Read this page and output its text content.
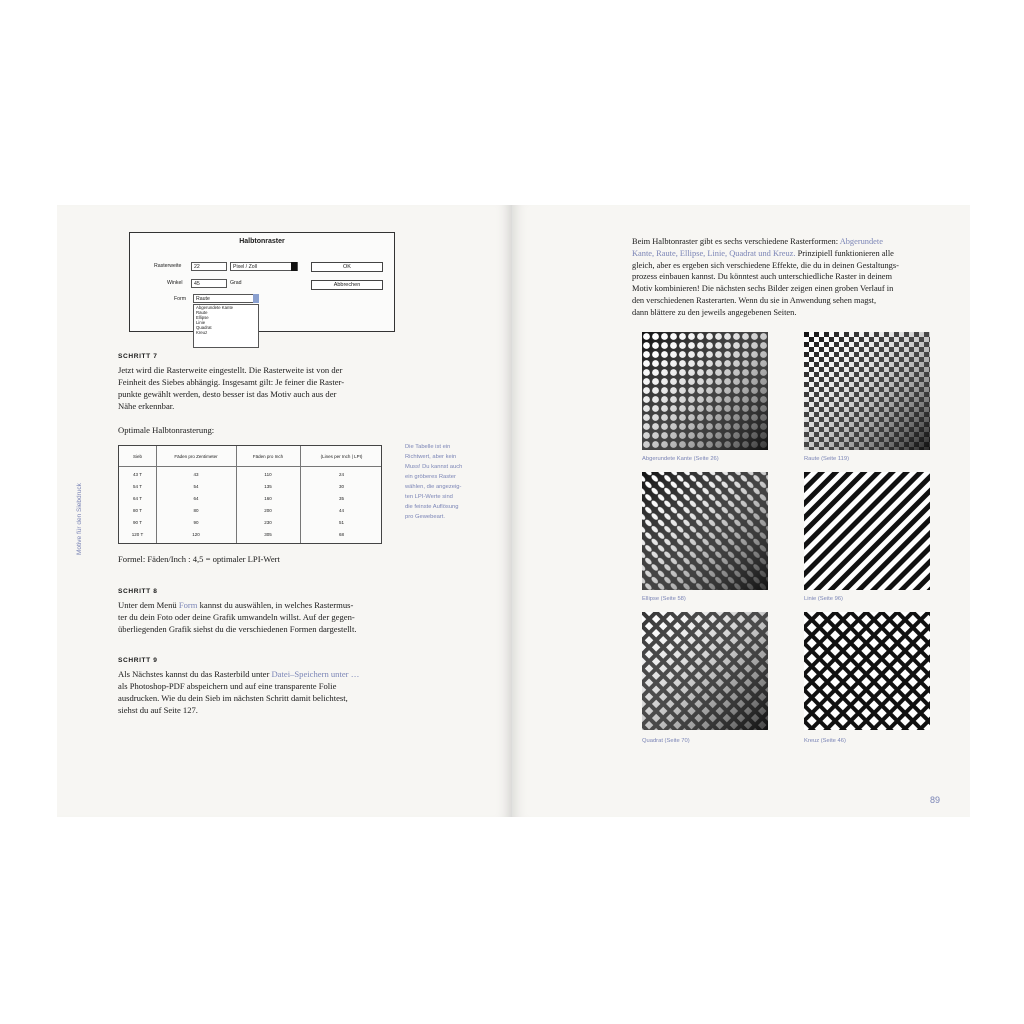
Halbtonraster
Rasterweite	22	Pixel / Zoll	OK
Winkel	45	Grad	Abbrechen
Form	Raute
Abgerundete Kante
Raute
Ellipse
Linie
Quadrat
Kreuz
SCHRITT 7
Jetzt wird die Rasterweite eingestellt. Die Rasterweite ist von der
Feinheit des Siebes abhängig. Insgesamt gilt: Je feiner die Raster-
punkte gewählt werden, desto besser ist das Motiv auch aus der
Nähe erkennbar.
Optimale Halbtonrasterung:
Sieb	Fäden pro Zentimeter	Fäden pro Inch	(Lines per Inch | LPI)
43 T	43	110	24
54 T	54	135	30
64 T	64	160	35
80 T	80	200	44
90 T	90	230	51
120 T	120	305	68
Die Tabelle ist ein
Richtwert, aber kein
Muss! Du kannst auch
ein gröberes Raster
wählen, die angezeig-
ten LPI-Werte sind
die feinste Auflösung
pro Gewebeart.
Formel: Fäden/Inch : 4,5 = optimaler LPI-Wert
SCHRITT 8
Unter dem Menü Form kannst du auswählen, in welches Rastermus-
ter du dein Foto oder deine Grafik umwandeln willst. Auf der gegen-
überliegenden Grafik siehst du die verschiedenen Formen dargestellt.
SCHRITT 9
Als Nächstes kannst du das Rasterbild unter Datei–Speichern unter …
als Photoshop-PDF abspeichern und auf eine transparente Folie
ausdrucken. Wie du dein Sieb im nächsten Schritt damit belichtest,
siehst du auf Seite 127.
Motive für den Siebdruck
Beim Halbtonraster gibt es sechs verschiedene Rasterformen: Abgerundete
Kante, Raute, Ellipse, Linie, Quadrat und Kreuz. Prinzipiell funktionieren alle
gleich, aber es ergeben sich verschiedene Effekte, die du in deinen Gestaltungs-
prozess einbauen kannst. Du könntest auch unterschiedliche Raster in deinem
Motiv kombinieren! Die nächsten sechs Bilder zeigen einen groben Verlauf in
den verschiedenen Rasterarten. Wenn du sie in Anwendung sehen magst,
dann blättere zu den jeweils angegebenen Seiten.
Abgerundete Kante (Seite 26)	Raute (Seite 119)
Ellipse (Seite 58)	Linie (Seite 96)
Quadrat (Seite 70)	Kreuz (Seite 46)
89
